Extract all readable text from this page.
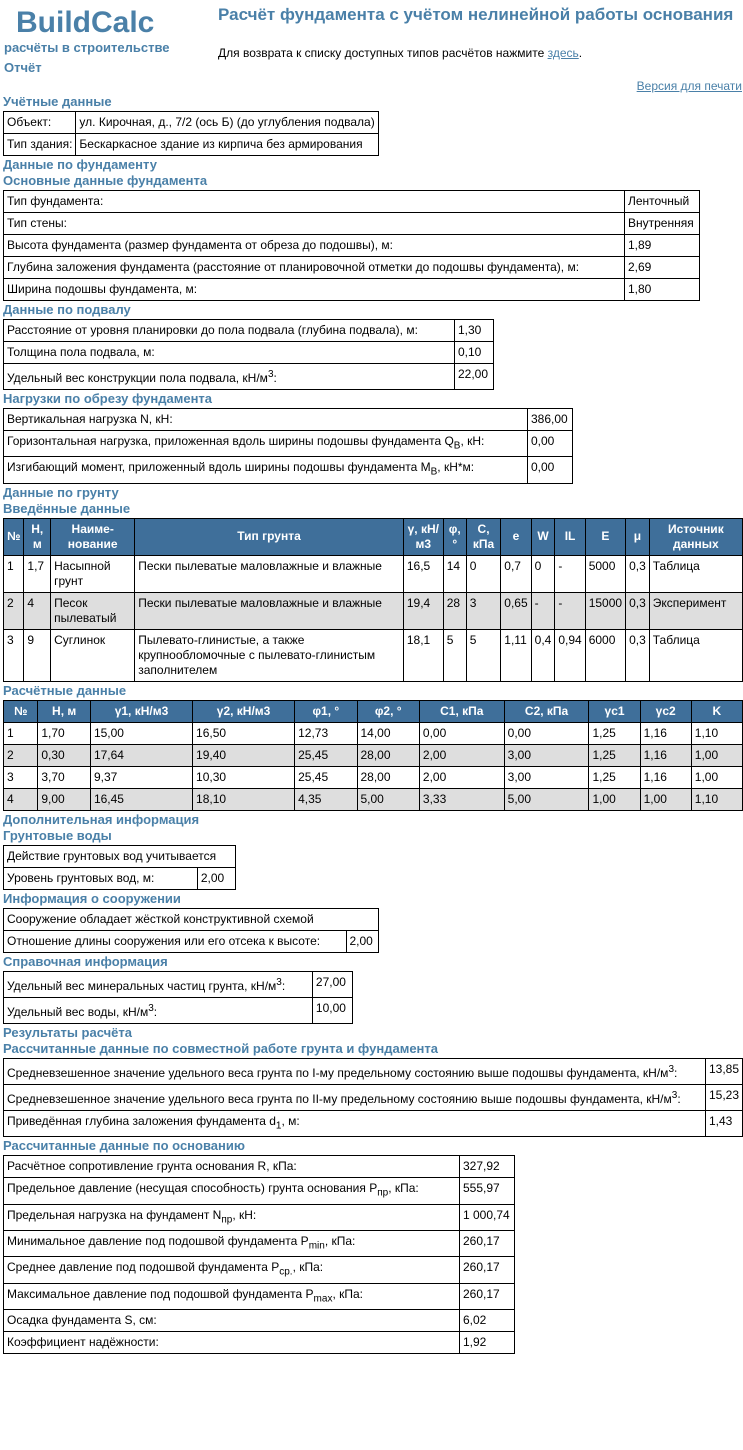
BuildCalc
расчёты в строительстве
Отчёт
Расчёт фундамента с учётом нелинейной работы основания
Для возврата к списку доступных типов расчётов нажмите здесь.
Версия для печати
Учётные данные
Объект:	ул. Кирочная, д., 7/2 (ось Б) (до углубления подвала)
Тип здания:	Бескаркасное здание из кирпича без армирования
Данные по фундаменту
Основные данные фундамента
Тип фундамента:	Ленточный
Тип стены:	Внутренняя
Высота фундамента (размер фундамента от обреза до подошвы), м:	1,89
Глубина заложения фундамента (расстояние от планировочной отметки до подошвы фундамента), м:	2,69
Ширина подошвы фундамента, м:	1,80
Данные по подвалу
Расстояние от уровня планировки до пола подвала (глубина подвала), м:	1,30
Толщина пола подвала, м:	0,10
Удельный вес конструкции пола подвала, $кН/м^3$:	22,00
Нагрузки по обрезу фундамента
Вертикальная нагрузка N, кН:	386,00
Горизонтальная нагрузка, приложенная вдоль ширины подошвы фундамента $Q_B$, кН:	0,00
Изгибающий момент, приложенный вдоль ширины подошвы фундамента $M_B$, кН*м:	0,00
Данные по грунту
Введённые данные
№	H, м	Наиме-нование	Тип грунта	γ, кН/м3	φ, °	C, кПа	e	W	IL	E	μ	Источник данных
1	1,7	Насыпной грунт	Пески пылеватые маловлажные и влажные	16,5	14	0	0,7	0	-	5000	0,3	Таблица
2	4	Песок пылеватый	Пески пылеватые маловлажные и влажные	19,4	28	3	0,65	-	-	15000	0,3	Эксперимент
3	9	Суглинок	Пылевато-глинистые, а также крупнообломочные с пылевато-глинистым заполнителем	18,1	5	5	1,11	0,4	0,94	6000	0,3	Таблица
Расчётные данные
№	H, м	γ1, кН/м3	γ2, кН/м3	φ1, °	φ2, °	C1, кПа	C2, кПа	γc1	γc2	K
1	1,70	15,00	16,50	12,73	14,00	0,00	0,00	1,25	1,16	1,10
2	0,30	17,64	19,40	25,45	28,00	2,00	3,00	1,25	1,16	1,00
3	3,70	9,37	10,30	25,45	28,00	2,00	3,00	1,25	1,16	1,00
4	9,00	16,45	18,10	4,35	5,00	3,33	5,00	1,00	1,00	1,10
Дополнительная информация
Грунтовые воды
Действие грунтовых вод учитывается
Уровень грунтовых вод, м:	2,00
Информация о сооружении
Сооружение обладает жёсткой конструктивной схемой
Отношение длины сооружения или его отсека к высоте:	2,00
Справочная информация
Удельный вес минеральных частиц грунта, $кН/м^3$:	27,00
Удельный вес воды, $кН/м^3$:	10,00
Результаты расчёта
Рассчитанные данные по совместной работе грунта и фундамента
Средневзешенное значение удельного веса грунта по I-му предельному состоянию выше подошвы фундамента, $кН/м^3$:	13,85
Средневзешенное значение удельного веса грунта по II-му предельному состоянию выше подошвы фундамента, $кН/м^3$:	15,23
Приведённая глубина заложения фундамента $d_1$, м:	1,43
Рассчитанные данные по основанию
Расчётное сопротивление грунта основания R, кПа:	327,92
Предельное давление (несущая способность) грунта основания $P_{пр}$, кПа:	555,97
Предельная нагрузка на фундамент $N_{пр}$, кН:	1 000,74
Минимальное давление под подошвой фундамента $P_{min}$, кПа:	260,17
Среднее давление под подошвой фундамента $P_{ср.}$, кПа:	260,17
Максимальное давление под подошвой фундамента $P_{max}$, кПа:	260,17
Осадка фундамента S, см:	6,02
Коэффициент надёжности:	1,92
